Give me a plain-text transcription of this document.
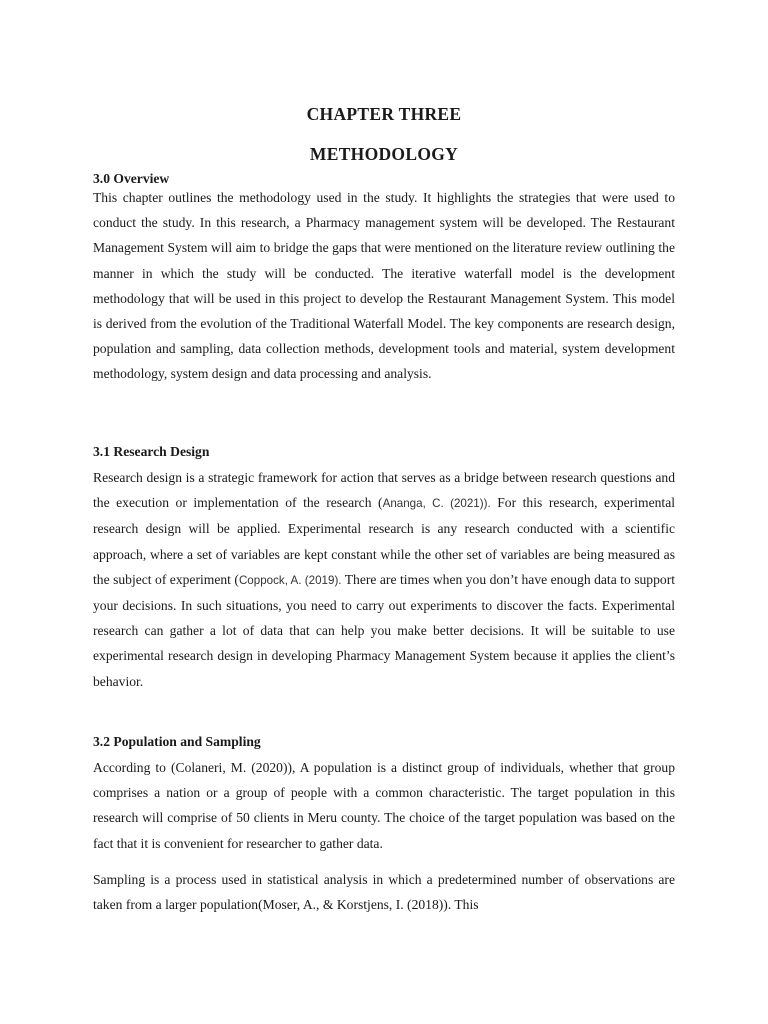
CHAPTER THREE
METHODOLOGY
3.0 Overview
This chapter outlines the methodology used in the study. It highlights the strategies that were used to conduct the study. In this research, a Pharmacy management system will be developed. The Restaurant Management System will aim to bridge the gaps that were mentioned on the literature review outlining the manner in which the study will be conducted. The iterative waterfall model is the development methodology that will be used in this project to develop the Restaurant Management System. This model is derived from the evolution of the Traditional Waterfall Model. The key components are research design, population and sampling, data collection methods, development tools and material, system development methodology, system design and data processing and analysis.
3.1 Research Design
Research design is a strategic framework for action that serves as a bridge between research questions and the execution or implementation of the research (Ananga, C. (2021)). For this research, experimental research design will be applied. Experimental research is any research conducted with a scientific approach, where a set of variables are kept constant while the other set of variables are being measured as the subject of experiment (Coppock, A. (2019). There are times when you don’t have enough data to support your decisions. In such situations, you need to carry out experiments to discover the facts. Experimental research can gather a lot of data that can help you make better decisions. It will be suitable to use experimental research design in developing Pharmacy Management System because it applies the client’s behavior.
3.2 Population and Sampling
According to (Colaneri, M. (2020)), A population is a distinct group of individuals, whether that group comprises a nation or a group of people with a common characteristic. The target population in this research will comprise of 50 clients in Meru county. The choice of the target population was based on the fact that it is convenient for researcher to gather data.
Sampling is a process used in statistical analysis in which a predetermined number of observations are taken from a larger population(Moser, A., & Korstjens, I. (2018)). This
